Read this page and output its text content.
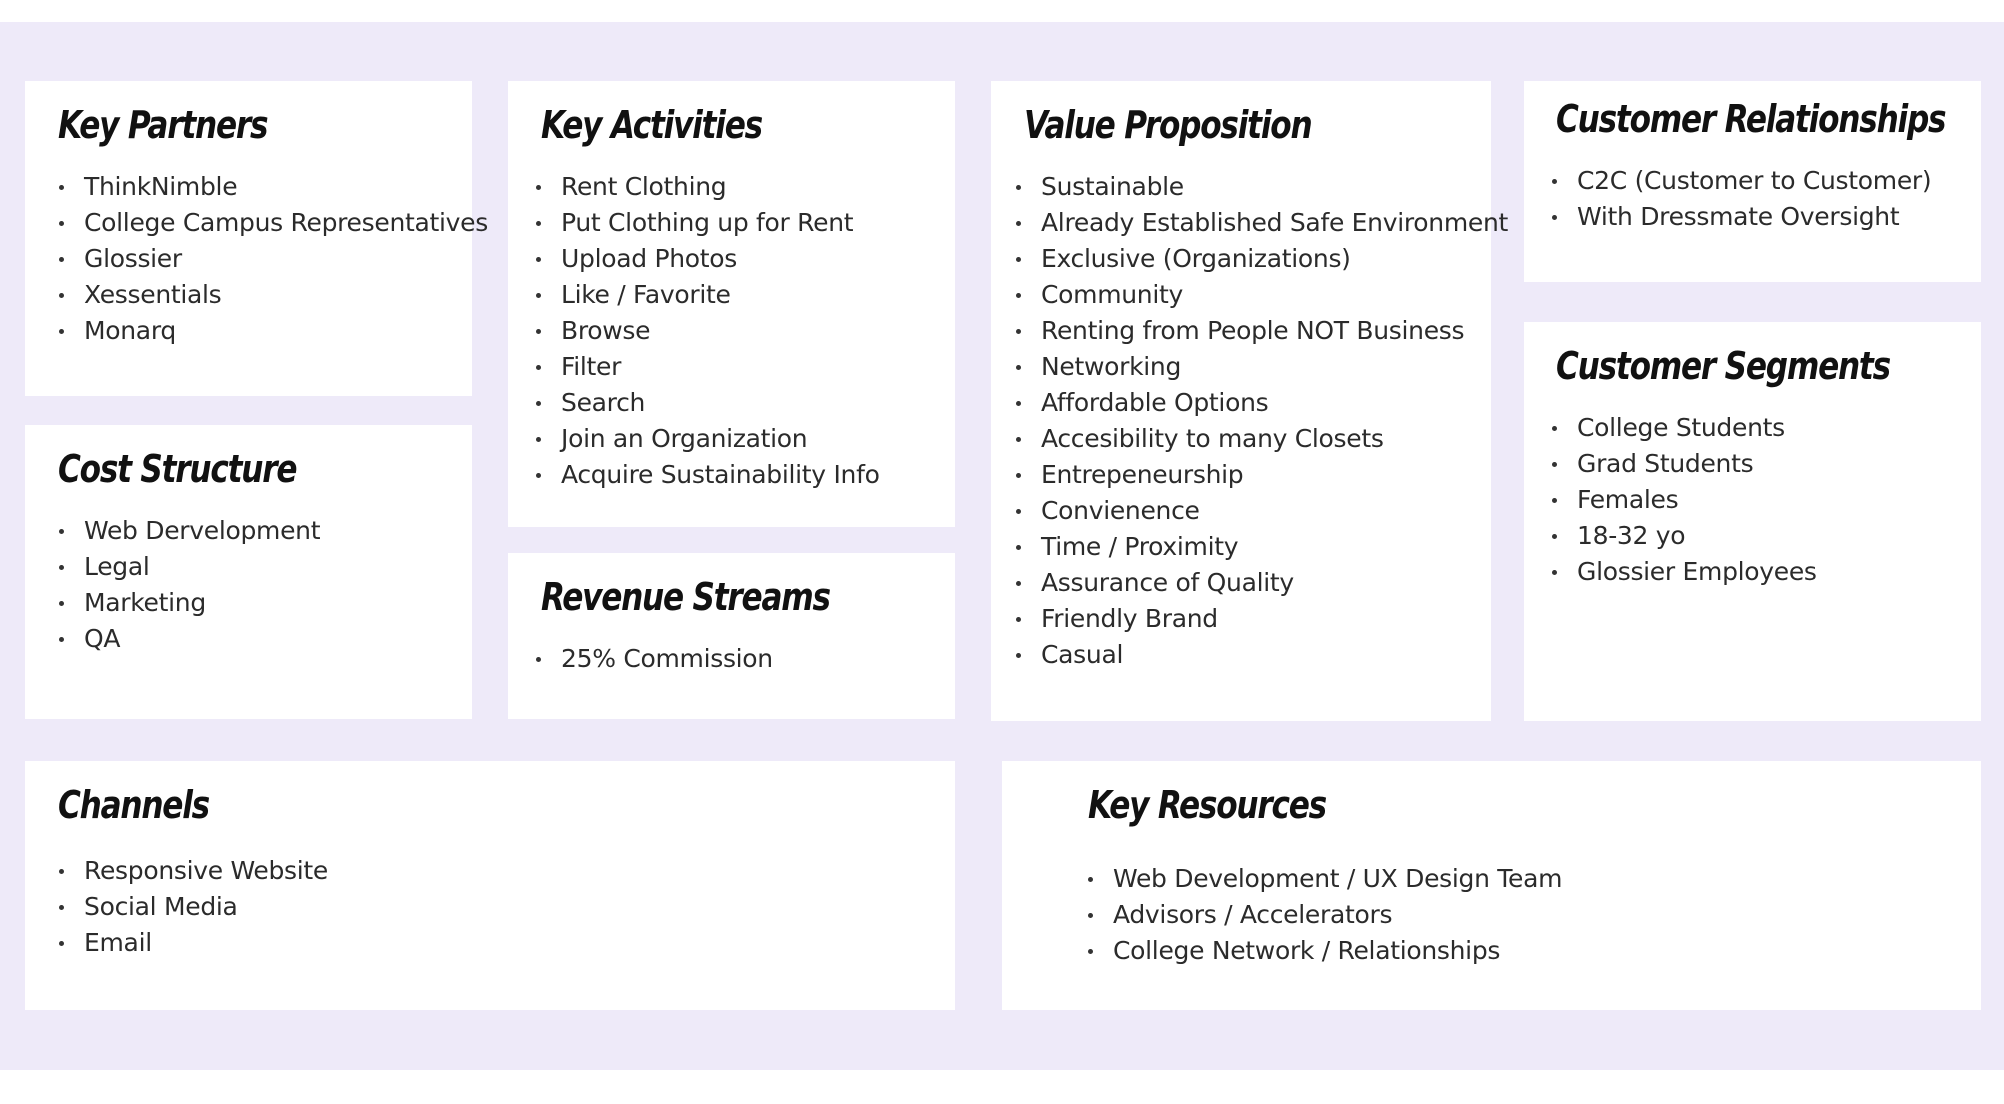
Key Partners
ThinkNimble
College Campus Representatives
Glossier
Xessentials
Monarq
Cost Structure
Web Dervelopment
Legal
Marketing
QA
Key Activities
Rent Clothing
Put Clothing up for Rent
Upload Photos
Like / Favorite
Browse
Filter
Search
Join an Organization
Acquire Sustainability Info
Revenue Streams
25% Commission
Value Proposition
Sustainable
Already Established Safe Environment
Exclusive (Organizations)
Community
Renting from People NOT Business
Networking
Affordable Options
Accesibility to many Closets
Entrepeneurship
Convienence
Time / Proximity
Assurance of Quality
Friendly Brand
Casual
Customer Relationships
C2C (Customer to Customer)
With Dressmate Oversight
Customer Segments
College Students
Grad Students
Females
18-32 yo
Glossier Employees
Channels
Responsive Website
Social Media
Email
Key Resources
Web Development / UX Design Team
Advisors / Accelerators
College Network / Relationships
